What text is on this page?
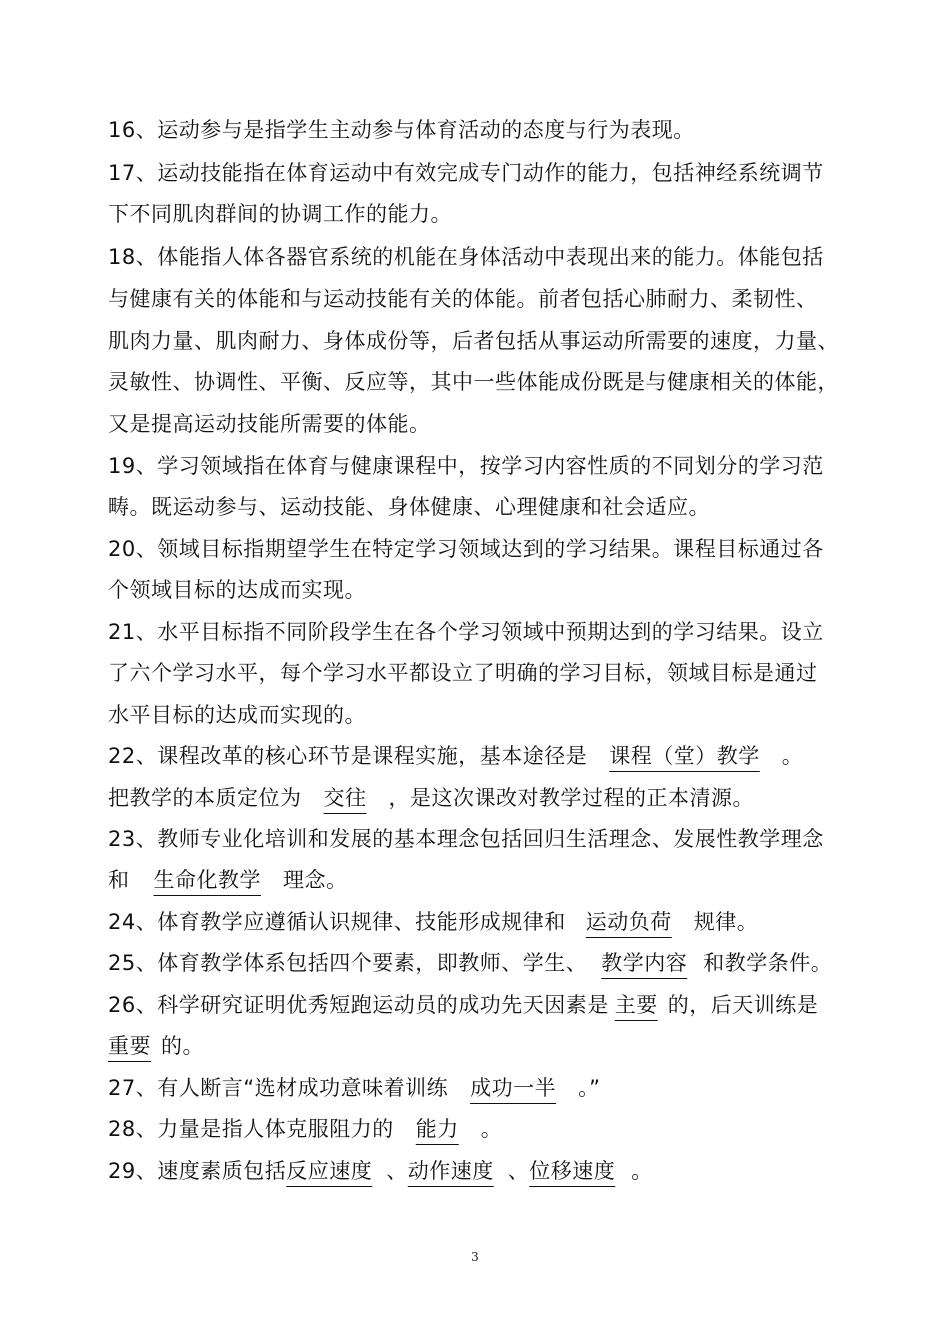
16、运动参与是指学生主动参与体育活动的态度与行为表现。
17、运动技能指在体育运动中有效完成专门动作的能力，包括神经系统调节
下不同肌肉群间的协调工作的能力。
18、体能指人体各器官系统的机能在身体活动中表现出来的能力。体能包括
与健康有关的体能和与运动技能有关的体能。前者包括心肺耐力、柔韧性、
肌肉力量、肌肉耐力、身体成份等，后者包括从事运动所需要的速度，力量、
灵敏性、协调性、平衡、反应等，其中一些体能成份既是与健康相关的体能，
又是提高运动技能所需要的体能。
19、学习领域指在体育与健康课程中，按学习内容性质的不同划分的学习范
畴。既运动参与、运动技能、身体健康、心理健康和社会适应。
20、领域目标指期望学生在特定学习领域达到的学习结果。课程目标通过各
个领域目标的达成而实现。
21、水平目标指不同阶段学生在各个学习领域中预期达到的学习结果。设立
了六个学习水平，每个学习水平都设立了明确的学习目标，领域目标是通过
水平目标的达成而实现的。
22、课程改革的核心环节是课程实施，基本途径是 课程（堂）教学 。
把教学的本质定位为 交往 ，是这次课改对教学过程的正本清源。
23、教师专业化培训和发展的基本理念包括回归生活理念、发展性教学理念
和 生命化教学 理念。
24、体育教学应遵循认识规律、技能形成规律和 运动负荷 规律。
25、体育教学体系包括四个要素，即教师、学生、 教学内容 和教学条件。
26、科学研究证明优秀短跑运动员的成功先天因素是 主要 的，后天训练是
重要 的。
27、有人断言“选材成功意味着训练 成功一半 。”
28、力量是指人体克服阻力的 能力 。
29、速度素质包括反应速度 、动作速度 、位移速度 。
3
